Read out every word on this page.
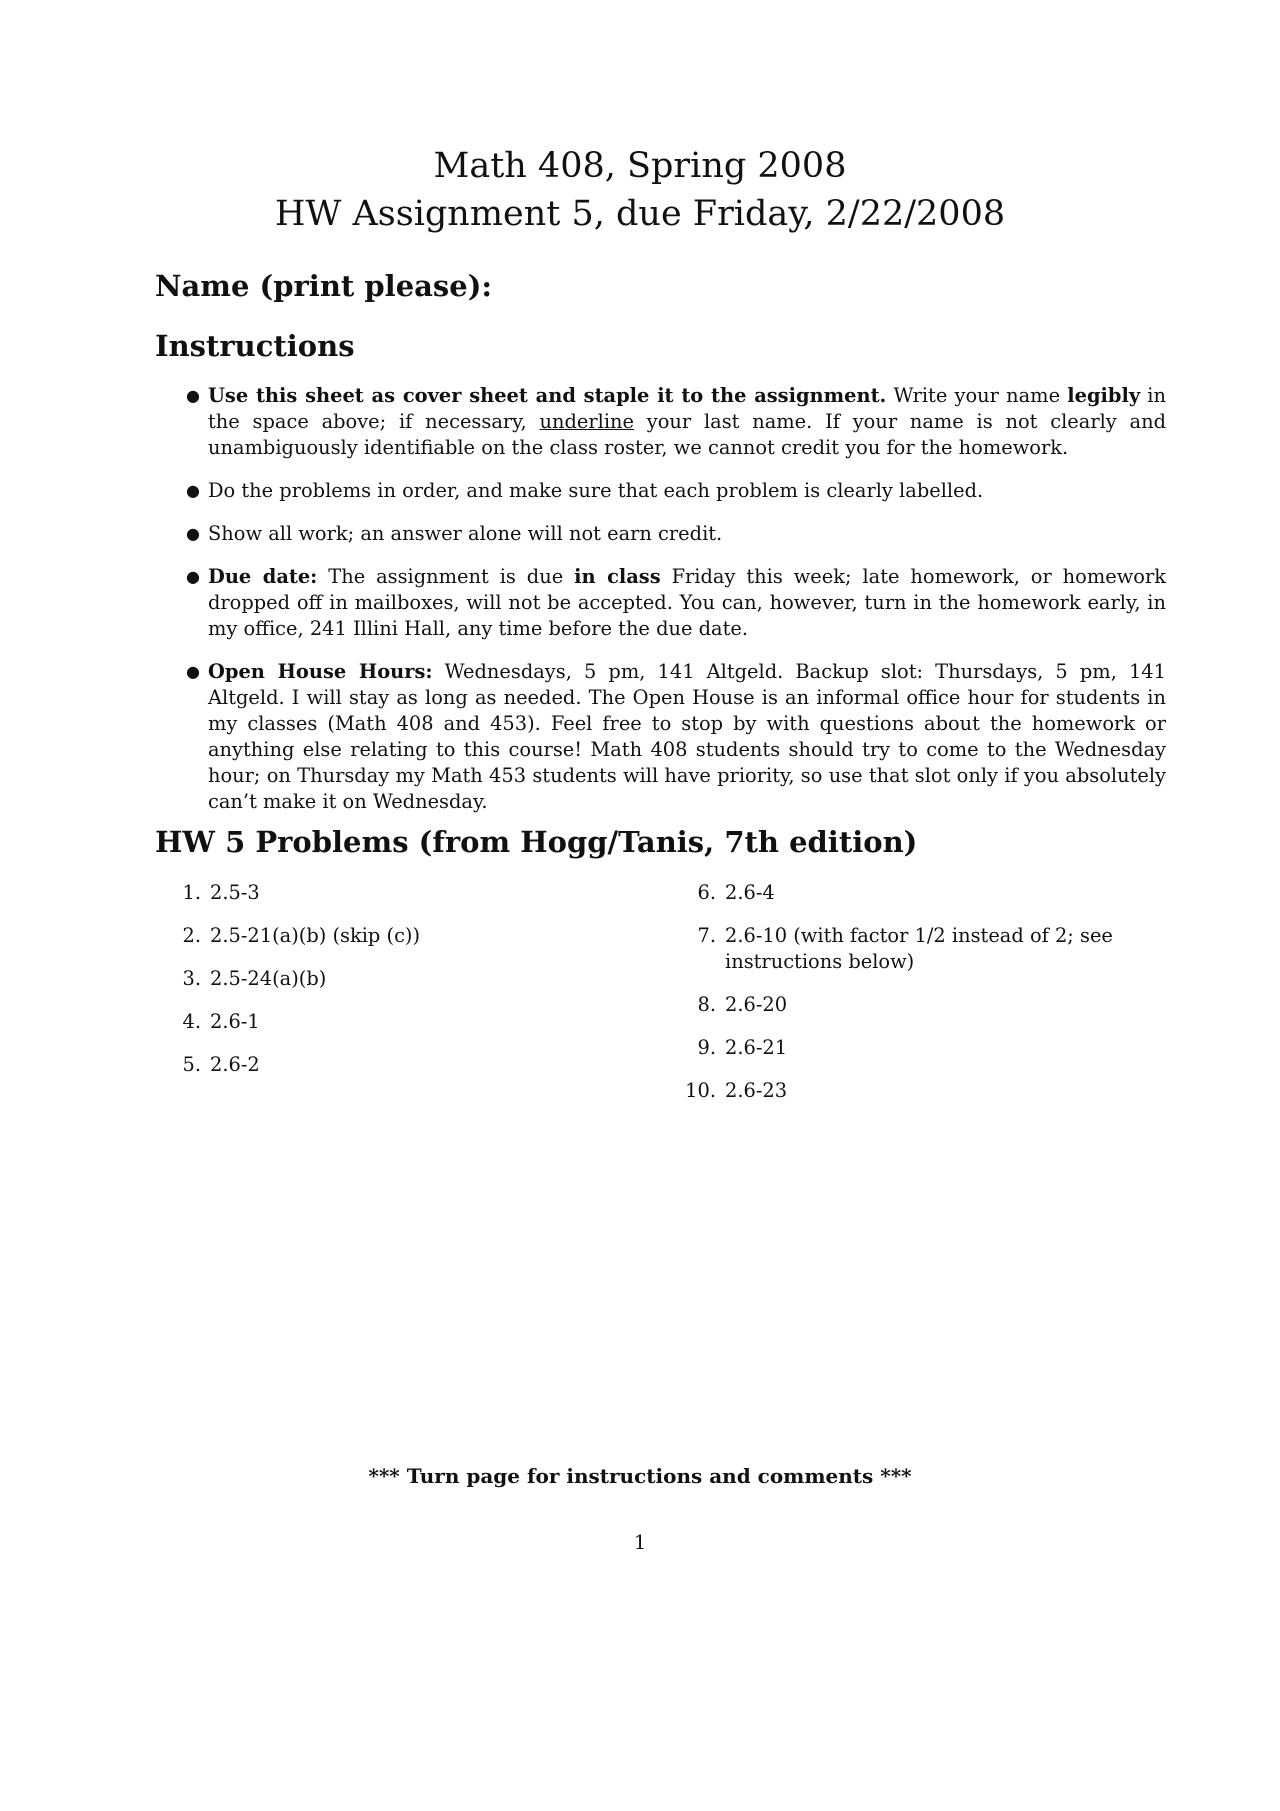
Math 408, Spring 2008
HW Assignment 5, due Friday, 2/22/2008
Name (print please):
Instructions
● Use this sheet as cover sheet and staple it to the assignment. Write your name legibly in the space above; if necessary, underline your last name. If your name is not clearly and unambiguously identifiable on the class roster, we cannot credit you for the homework.
● Do the problems in order, and make sure that each problem is clearly labelled.
● Show all work; an answer alone will not earn credit.
● Due date: The assignment is due in class Friday this week; late homework, or homework dropped off in mailboxes, will not be accepted. You can, however, turn in the homework early, in my office, 241 Illini Hall, any time before the due date.
● Open House Hours: Wednesdays, 5 pm, 141 Altgeld. Backup slot: Thursdays, 5 pm, 141 Altgeld. I will stay as long as needed. The Open House is an informal office hour for students in my classes (Math 408 and 453). Feel free to stop by with questions about the homework or anything else relating to this course! Math 408 students should try to come to the Wednesday hour; on Thursday my Math 453 students will have priority, so use that slot only if you absolutely can’t make it on Wednesday.
HW 5 Problems (from Hogg/Tanis, 7th edition)
1. 2.5-3
2. 2.5-21(a)(b) (skip (c))
3. 2.5-24(a)(b)
4. 2.6-1
5. 2.6-2
6. 2.6-4
7. 2.6-10 (with factor 1/2 instead of 2; see instructions below)
8. 2.6-20
9. 2.6-21
10. 2.6-23
*** Turn page for instructions and comments ***
1
